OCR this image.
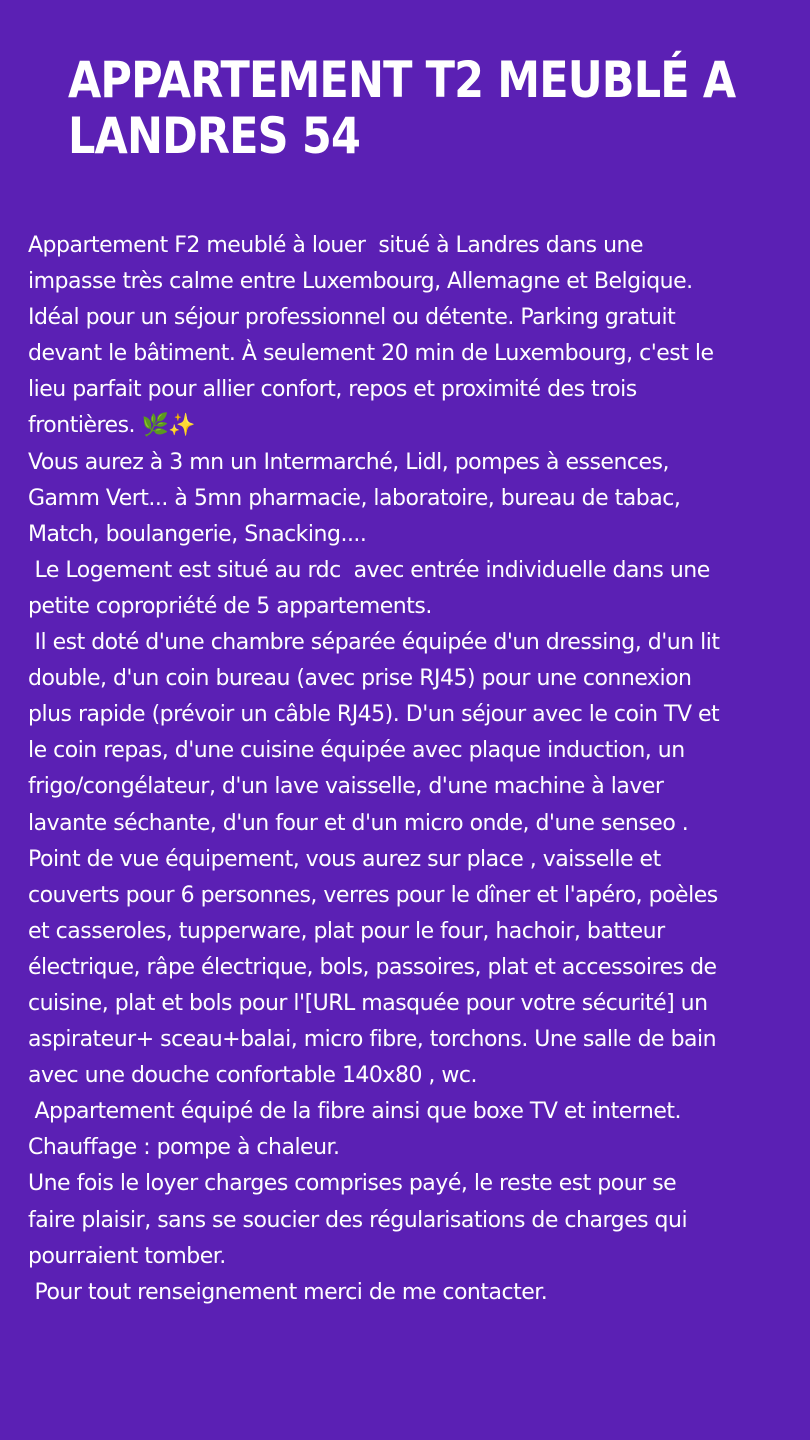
APPARTEMENT T2 MEUBLÉ A
LANDRES 54
Appartement F2 meublé à louer  situé à Landres dans une
impasse très calme entre Luxembourg, Allemagne et Belgique.
Idéal pour un séjour professionnel ou détente. Parking gratuit
devant le bâtiment. À seulement 20 min de Luxembourg, c'est le
lieu parfait pour allier confort, repos et proximité des trois
frontières. 🌿✨
Vous aurez à 3 mn un Intermarché, Lidl, pompes à essences,
Gamm Vert... à 5mn pharmacie, laboratoire, bureau de tabac,
Match, boulangerie, Snacking....
Le Logement est situé au rdc  avec entrée individuelle dans une
petite copropriété de 5 appartements.
Il est doté d'une chambre séparée équipée d'un dressing, d'un lit
double, d'un coin bureau (avec prise RJ45) pour une connexion
plus rapide (prévoir un câble RJ45). D'un séjour avec le coin TV et
le coin repas, d'une cuisine équipée avec plaque induction, un
frigo/congélateur, d'un lave vaisselle, d'une machine à laver
lavante séchante, d'un four et d'un micro onde, d'une senseo .
Point de vue équipement, vous aurez sur place , vaisselle et
couverts pour 6 personnes, verres pour le dîner et l'apéro, poèles
et casseroles, tupperware, plat pour le four, hachoir, batteur
électrique, râpe électrique, bols, passoires, plat et accessoires de
cuisine, plat et bols pour l'[URL masquée pour votre sécurité] un
aspirateur+ sceau+balai, micro fibre, torchons. Une salle de bain
avec une douche confortable 140x80 , wc.
Appartement équipé de la fibre ainsi que boxe TV et internet.
Chauffage : pompe à chaleur.
Une fois le loyer charges comprises payé, le reste est pour se
faire plaisir, sans se soucier des régularisations de charges qui
pourraient tomber.
Pour tout renseignement merci de me contacter.
